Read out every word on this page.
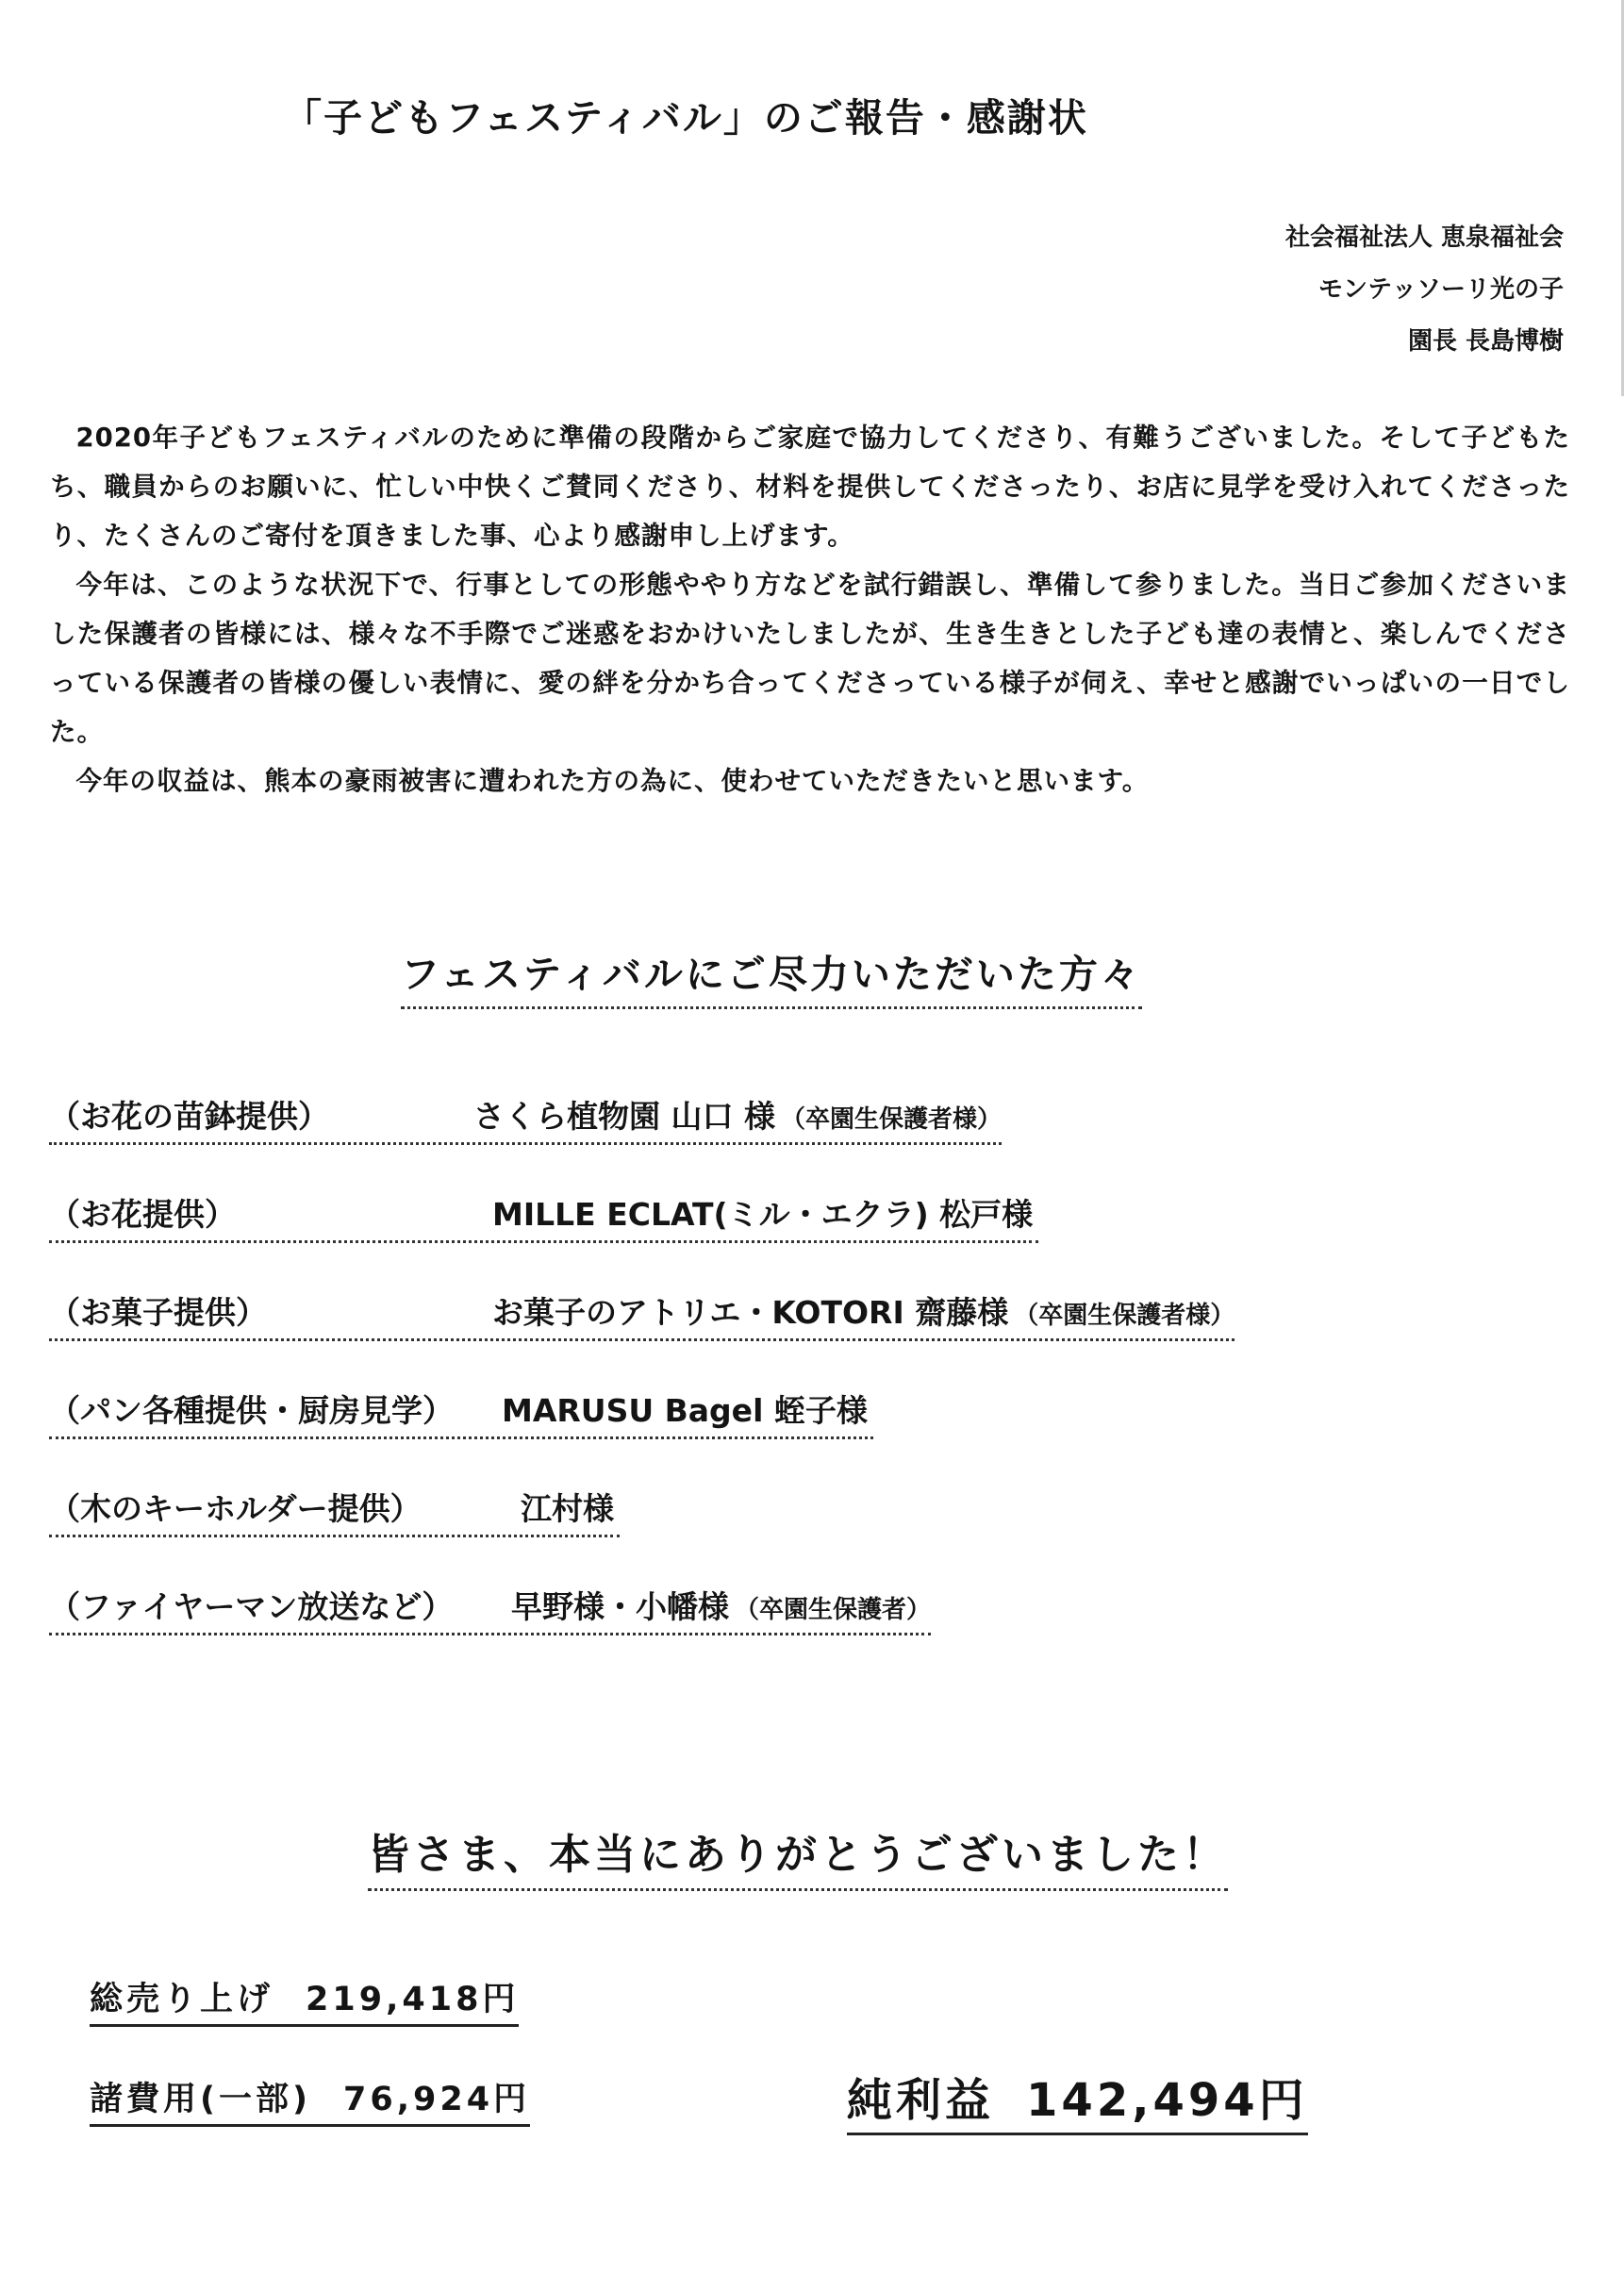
「子どもフェスティバル」のご報告・感謝状
社会福祉法人 恵泉福祉会
モンテッソーリ光の子
園長 長島博樹

2020年子どもフェスティバルのために準備の段階からご家庭で協力してくださり、有難うございました。そして子どもたち、職員からのお願いに、忙しい中快くご賛同くださり、材料を提供してくださったり、お店に見学を受け入れてくださったり、たくさんのご寄付を頂きました事、心より感謝申し上げます。

今年は、このような状況下で、行事としての形態ややり方などを試行錯誤し、準備して参りました。当日ご参加くださいました保護者の皆様には、様々な不手際でご迷惑をおかけいたしましたが、生き生きとした子ども達の表情と、楽しんでくださっている保護者の皆様の優しい表情に、愛の絆を分かち合ってくださっている様子が伺え、幸せと感謝でいっぱいの一日でした。

今年の収益は、熊本の豪雨被害に遭われた方の為に、使わせていただきたいと思います。

フェスティバルにご尽力いただいた方々
（お花の苗鉢提供）	さくら植物園 山口 様 （卒園生保護者様）
（お花提供）	MILLE ECLAT(ミル・エクラ) 松戸様
（お菓子提供）	お菓子のアトリエ・KOTORI 齋藤様 （卒園生保護者様）
（パン各種提供・厨房見学） MARUSU Bagel 蛭子様
（木のキーホルダー提供）	江村様
（ファイヤーマン放送など） 早野様・小幡様 （卒園生保護者）
皆さま、本当にありがとうございました！
総売り上げ 219,418円
諸費用(一部) 76,924円	純利益 142,494円
